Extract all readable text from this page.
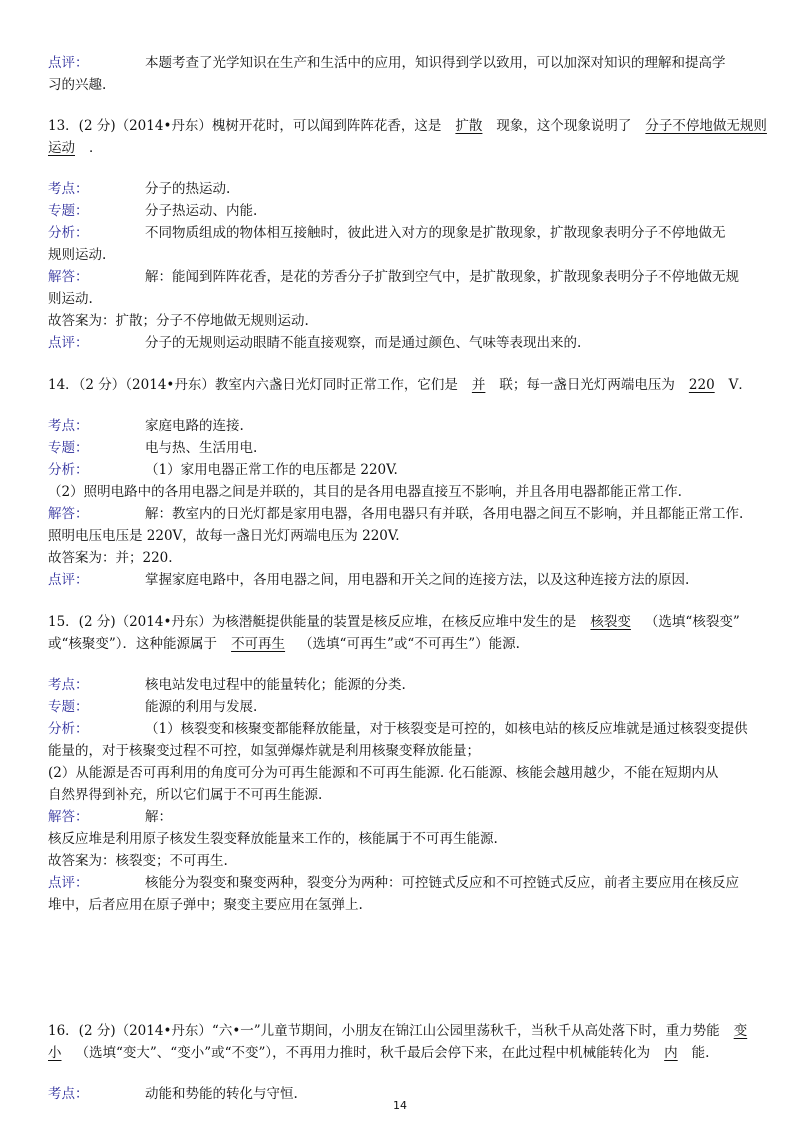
点评：	本题考查了光学知识在生产和生活中的应用，知识得到学以致用，可以加深对知识的理解和提高学
习的兴趣.
13．(2 分)（2014•丹东）槐树开花时，可以闻到阵阵花香，这是 扩散 现象，这个现象说明了 分子不停地做无规则
运动 ．
考点：	分子的热运动.
专题：	分子热运动、内能.
分析：	不同物质组成的物体相互接触时，彼此进入对方的现象是扩散现象，扩散现象表明分子不停地做无
规则运动.
解答：	解：能闻到阵阵花香，是花的芳香分子扩散到空气中，是扩散现象，扩散现象表明分子不停地做无规
则运动.
故答案为：扩散；分子不停地做无规则运动.
点评：	分子的无规则运动眼睛不能直接观察，而是通过颜色、气味等表现出来的.
14．（2 分）（2014•丹东）教室内六盏日光灯同时正常工作，它们是 并 联；每一盏日光灯两端电压为 220 V．
考点：	家庭电路的连接.
专题：	电与热、生活用电.
分析：	（1）家用电器正常工作的电压都是 220V.
（2）照明电路中的各用电器之间是并联的，其目的是各用电器直接互不影响，并且各用电器都能正常工作.
解答：	解：教室内的日光灯都是家用电器，各用电器只有并联，各用电器之间互不影响，并且都能正常工作.
照明电压电压是 220V，故每一盏日光灯两端电压为 220V.
故答案为：并；220.
点评：	掌握家庭电路中，各用电器之间，用电器和开关之间的连接方法，以及这种连接方法的原因.
15．(2 分)（2014•丹东）为核潜艇提供能量的装置是核反应堆，在核反应堆中发生的是 核裂变 （选填“核裂变”
或“核聚变”）．这种能源属于 不可再生 （选填“可再生”或“不可再生”）能源.
考点：	核电站发电过程中的能量转化；能源的分类.
专题：	能源的利用与发展.
分析：	（1）核裂变和核聚变都能释放能量，对于核裂变是可控的，如核电站的核反应堆就是通过核裂变提供
能量的，对于核聚变过程不可控，如氢弹爆炸就是利用核聚变释放能量；
(2）从能源是否可再利用的角度可分为可再生能源和不可再生能源. 化石能源、核能会越用越少，不能在短期内从
自然界得到补充，所以它们属于不可再生能源.
解答：	解：
核反应堆是利用原子核发生裂变释放能量来工作的，核能属于不可再生能源.
故答案为：核裂变；不可再生.
点评：	核能分为裂变和聚变两种，裂变分为两种：可控链式反应和不可控链式反应，前者主要应用在核反应
堆中，后者应用在原子弹中；聚变主要应用在氢弹上.
16．(2 分)（2014•丹东）“六•一”儿童节期间，小朋友在锦江山公园里荡秋千，当秋千从高处落下时，重力势能 变
小 （选填“变大”、“变小”或“不变”），不再用力推时，秋千最后会停下来，在此过程中机械能转化为 内 能.
考点：	动能和势能的转化与守恒.
14
